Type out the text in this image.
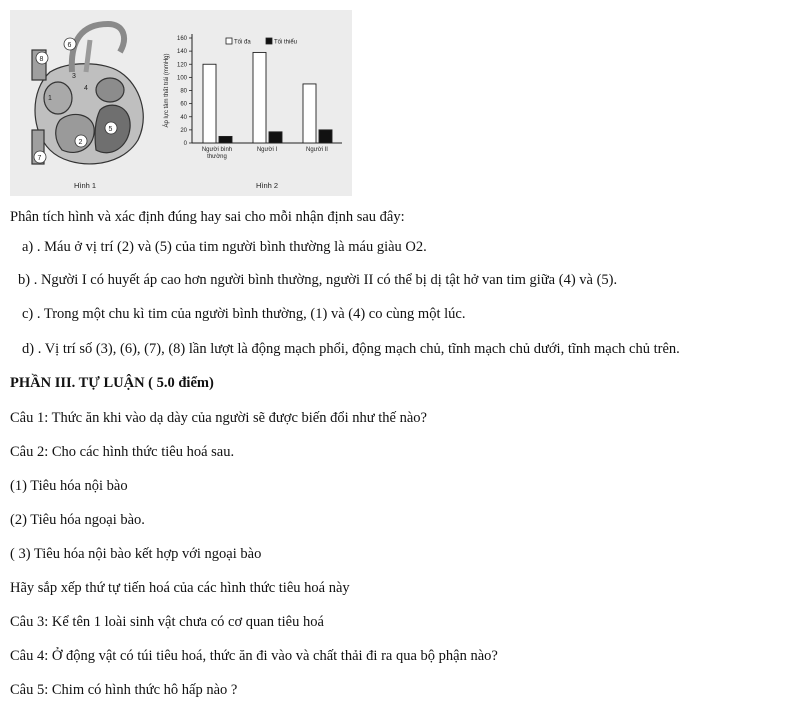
1
2
3
4
5
6
7
8
Hình 1
0
20
40
60
80
100
120
140
160
Áp lực tâm thất trái (mmHg)
Người bình
thường
Người I	Người II
Tối đa	Tối thiểu
Hình 2
Phân tích hình và xác định đúng hay sai cho mỗi nhận định sau đây:
a) . Máu ở vị trí (2) và (5) của tim người bình thường là máu giàu O2.
b) . Người I có huyết áp cao hơn người bình thường, người II có thể bị dị tật hở van tim giữa (4) và (5).
c) . Trong một chu kì tim của người bình thường, (1) và (4) co cùng một lúc.
d) . Vị trí số (3), (6), (7), (8) lần lượt là động mạch phổi, động mạch chủ, tĩnh mạch chủ dưới, tĩnh mạch chủ trên.
PHẦN III. TỰ LUẬN ( 5.0 điểm)
Câu 1: Thức ăn khi vào dạ dày của người sẽ được biến đổi như thế nào?
Câu 2: Cho các hình thức tiêu hoá sau.
(1) Tiêu hóa nội bào
(2) Tiêu hóa ngoại bào.
( 3) Tiêu hóa nội bào kết hợp với ngoại bào
Hãy sắp xếp thứ tự tiến hoá của các hình thức tiêu hoá này
Câu 3: Kể tên 1 loài sinh vật chưa có cơ quan tiêu hoá
Câu 4: Ở động vật có túi tiêu hoá, thức ăn đi vào và chất thải đi ra qua bộ phận nào?
Câu 5: Chim có hình thức hô hấp nào ?
